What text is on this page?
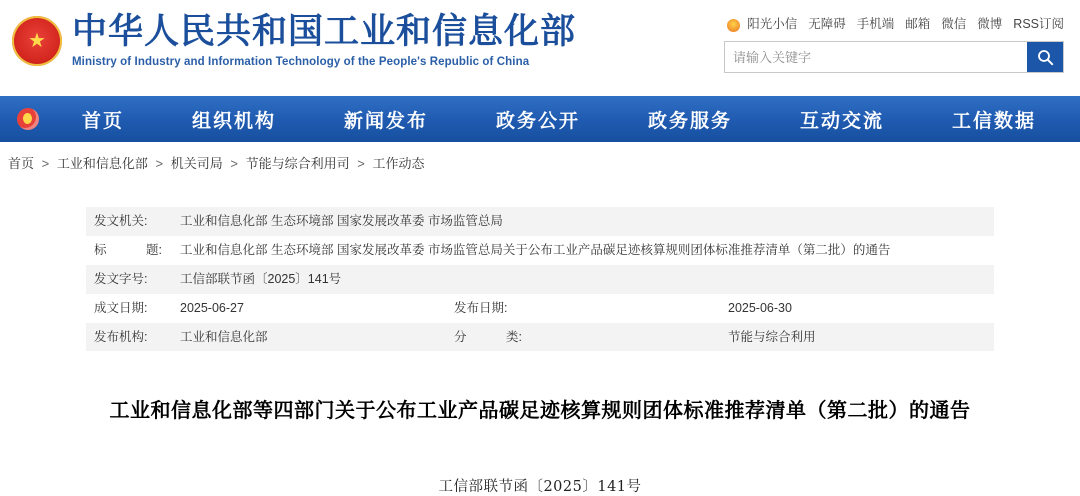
★ 中华人民共和国工业和信息化部
Ministry of Industry and Information Technology of the People's Republic of China
阳光小信 无障碍 手机端 邮箱 微信 微博 RSS订阅
请输入关键字
首页	组织机构	新闻发布	政务公开	政务服务	互动交流	工信数据
首页 > 工业和信息化部 > 机关司局 > 节能与综合利用司 > 工作动态
发文机关:	工业和信息化部 生态环境部 国家发展改革委 市场监管总局		
标 题:	工业和信息化部 生态环境部 国家发展改革委 市场监管总局关于公布工业产品碳足迹核算规则团体标准推荐清单（第二批）的通告		
发文字号:	工信部联节函〔2025〕141号		
成文日期:	2025-06-27	发布日期:	2025-06-30
发布机构:	工业和信息化部	分 类:	节能与综合利用
工业和信息化部等四部门关于公布工业产品碳足迹核算规则团体标准推荐清单（第二批）的通告
工信部联节函〔2025〕141号
